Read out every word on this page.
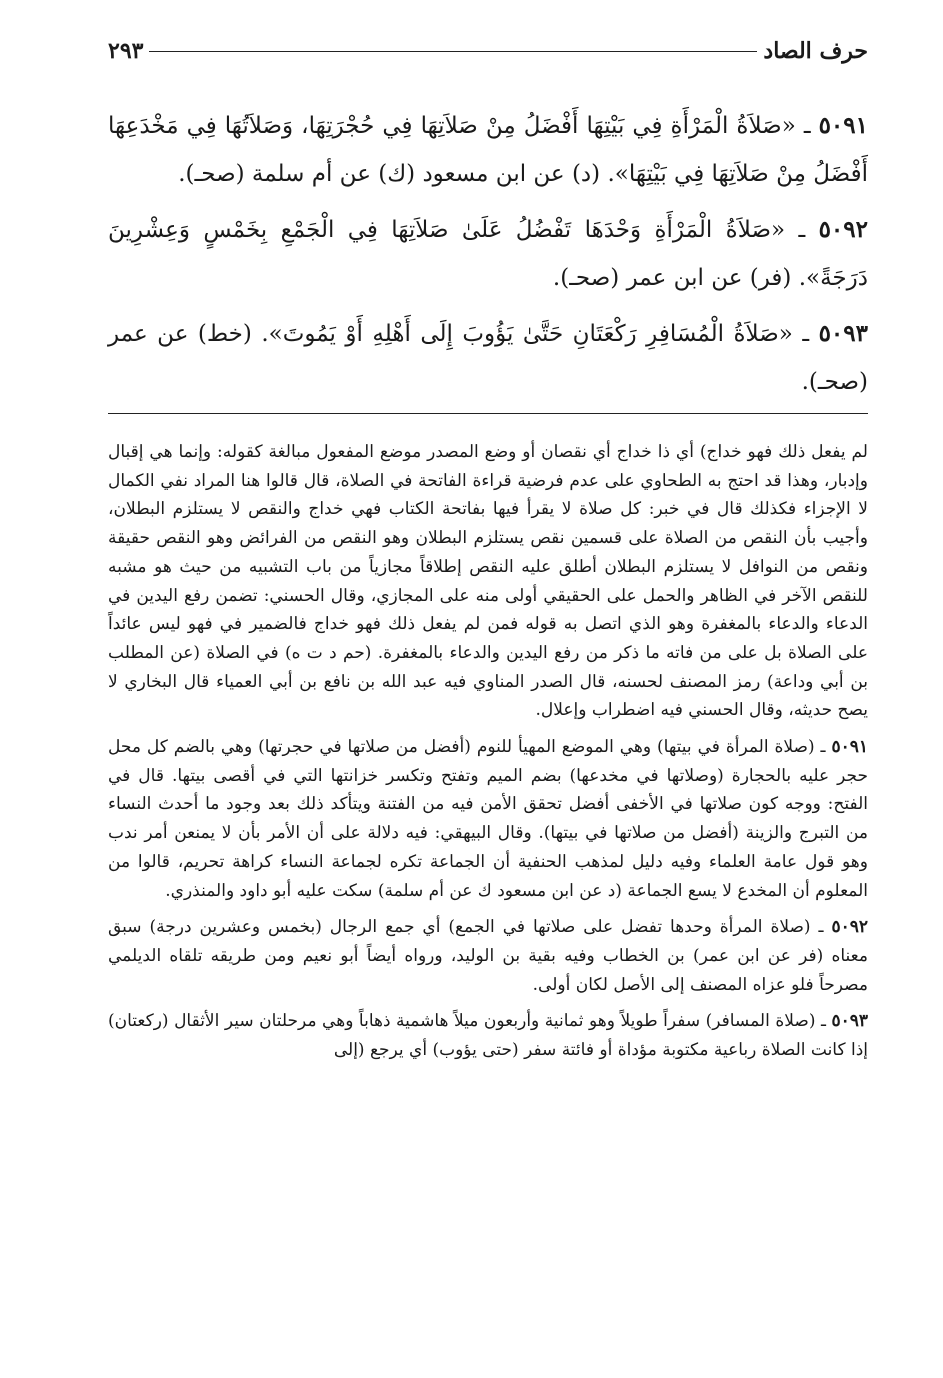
حرف الصاد
٢٩٣

٥٠٩١ ـ «صَلاَةُ الْمَرْأَةِ فِي بَيْتِهَا أَفْضَلُ مِنْ صَلاَتِهَا فِي حُجْرَتِهَا، وَصَلاَتُهَا فِي مَخْدَعِهَا أَفْضَلُ مِنْ صَلاَتِهَا فِي بَيْتِهَا». (د) عن ابن مسعود (ك) عن أم سلمة (صحـ).

٥٠٩٢ ـ «صَلاَةُ الْمَرْأَةِ وَحْدَهَا تَفْضُلُ عَلَىٰ صَلاَتِهَا فِي الْجَمْعِ بِخَمْسٍ وَعِشْرِينَ دَرَجَةً». (فر) عن ابن عمر (صحـ).

٥٠٩٣ ـ «صَلاَةُ الْمُسَافِرِ رَكْعَتَانِ حَتَّىٰ يَؤُوبَ إِلَى أَهْلِهِ أَوْ يَمُوتَ». (خط) عن عمر (صحـ).

لم يفعل ذلك فهو خداج) أي ذا خداج أي نقصان أو وضع المصدر موضع المفعول مبالغة كقوله: وإنما هي إقبال وإدبار، وهذا قد احتج به الطحاوي على عدم فرضية قراءة الفاتحة في الصلاة، قال قالوا هنا المراد نفي الكمال لا الإجزاء فكذلك قال في خبر: كل صلاة لا يقرأ فيها بفاتحة الكتاب فهي خداج والنقص لا يستلزم البطلان، وأجيب بأن النقص من الصلاة على قسمين نقص يستلزم البطلان وهو النقص من الفرائض وهو النقص حقيقة ونقص من النوافل لا يستلزم البطلان أطلق عليه النقص إطلاقاً مجازياً من باب التشبيه من حيث هو مشبه للنقص الآخر في الظاهر والحمل على الحقيقي أولى منه على المجازي، وقال الحسني: تضمن رفع اليدين في الدعاء والدعاء بالمغفرة وهو الذي اتصل به قوله فمن لم يفعل ذلك فهو خداج فالضمير في فهو ليس عائداً على الصلاة بل على من فاته ما ذكر من رفع اليدين والدعاء بالمغفرة. (حم د ت ه) في الصلاة (عن المطلب بن أبي وداعة) رمز المصنف لحسنه، قال الصدر المناوي فيه عبد الله بن نافع بن أبي العمياء قال البخاري لا يصح حديثه، وقال الحسني فيه اضطراب وإعلال.

٥٠٩١ ـ (صلاة المرأة في بيتها) وهي الموضع المهيأ للنوم (أفضل من صلاتها في حجرتها) وهي بالضم كل محل حجر عليه بالحجارة (وصلاتها في مخدعها) بضم الميم وتفتح وتكسر خزانتها التي في أقصى بيتها. قال في الفتح: ووجه كون صلاتها في الأخفى أفضل تحقق الأمن فيه من الفتنة ويتأكد ذلك بعد وجود ما أحدث النساء من التبرج والزينة (أفضل من صلاتها في بيتها). وقال البيهقي: فيه دلالة على أن الأمر بأن لا يمنعن أمر ندب وهو قول عامة العلماء وفيه دليل لمذهب الحنفية أن الجماعة تكره لجماعة النساء كراهة تحريم، قالوا من المعلوم أن المخدع لا يسع الجماعة (د عن ابن مسعود ك عن أم سلمة) سكت عليه أبو داود والمنذري.

٥٠٩٢ ـ (صلاة المرأة وحدها تفضل على صلاتها في الجمع) أي جمع الرجال (بخمس وعشرين درجة) سبق معناه (فر عن ابن عمر) بن الخطاب وفيه بقية بن الوليد، ورواه أيضاً أبو نعيم ومن طريقه تلقاه الديلمي مصرحاً فلو عزاه المصنف إلى الأصل لكان أولى.

٥٠٩٣ ـ (صلاة المسافر) سفراً طويلاً وهو ثمانية وأربعون ميلاً هاشمية ذهاباً وهي مرحلتان سير الأثقال (ركعتان) إذا كانت الصلاة رباعية مكتوبة مؤداة أو فائتة سفر (حتى يؤوب) أي يرجع (إلى
